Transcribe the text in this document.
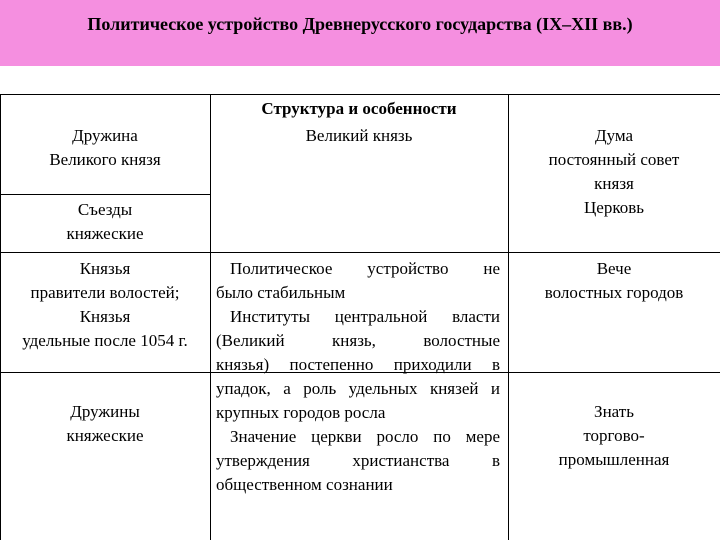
Политическое устройство Древнерусского государства (IX–XII вв.)
Структура и особенности
Дружина
Великого князя
Съезды
княжеские
Князья
правители волостей;
Князья
удельные после 1054 г.
Дружины
княжеские
Великий князь
Политическое устройство не
было стабильным
Институты центральной власти
(Великий князь, волостные
князья) постепенно приходили в
упадок, а роль удельных князей и
крупных городов росла
Значение церкви росло по мере
утверждения христианства в
общественном сознании
Дума
постоянный совет
князя
Церковь
Вече
волостных городов
Знать
торгово-
промышленная
